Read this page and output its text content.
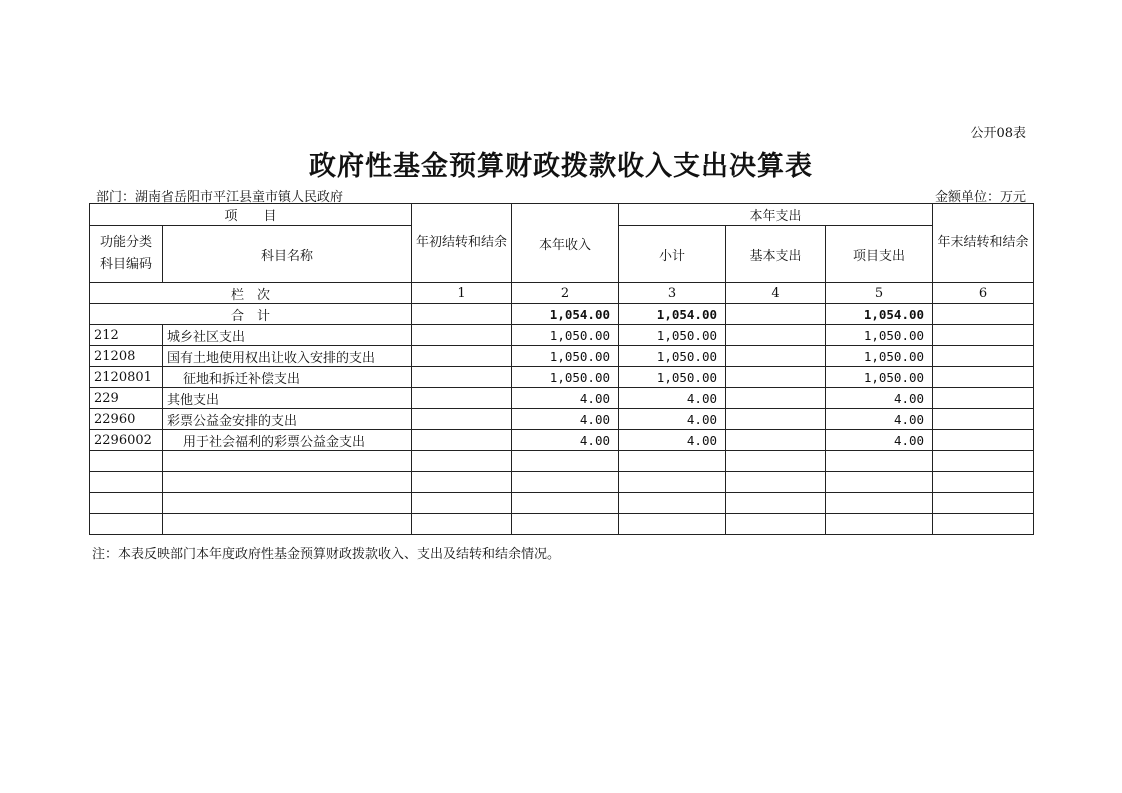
公开08表
政府性基金预算财政拨款收入支出决算表
部门：湖南省岳阳市平江县童市镇人民政府	金额单位：万元
项　　目		年初结转和结余	本年收入	本年支出			年末结转和结余
功能分类科目编码	科目名称			小计	基本支出	项目支出	
栏　次		1	2	3	4	5	6
合　计			1,054.00	1,054.00		1,054.00	
212	城乡社区支出		1,050.00	1,050.00		1,050.00	
21208	国有土地使用权出让收入安排的支出		1,050.00	1,050.00		1,050.00	
2120801	征地和拆迁补偿支出		1,050.00	1,050.00		1,050.00	
229	其他支出		4.00	4.00		4.00	
22960	彩票公益金安排的支出		4.00	4.00		4.00	
2296002	用于社会福利的彩票公益金支出		4.00	4.00		4.00	

注：本表反映部门本年度政府性基金预算财政拨款收入、支出及结转和结余情况。
